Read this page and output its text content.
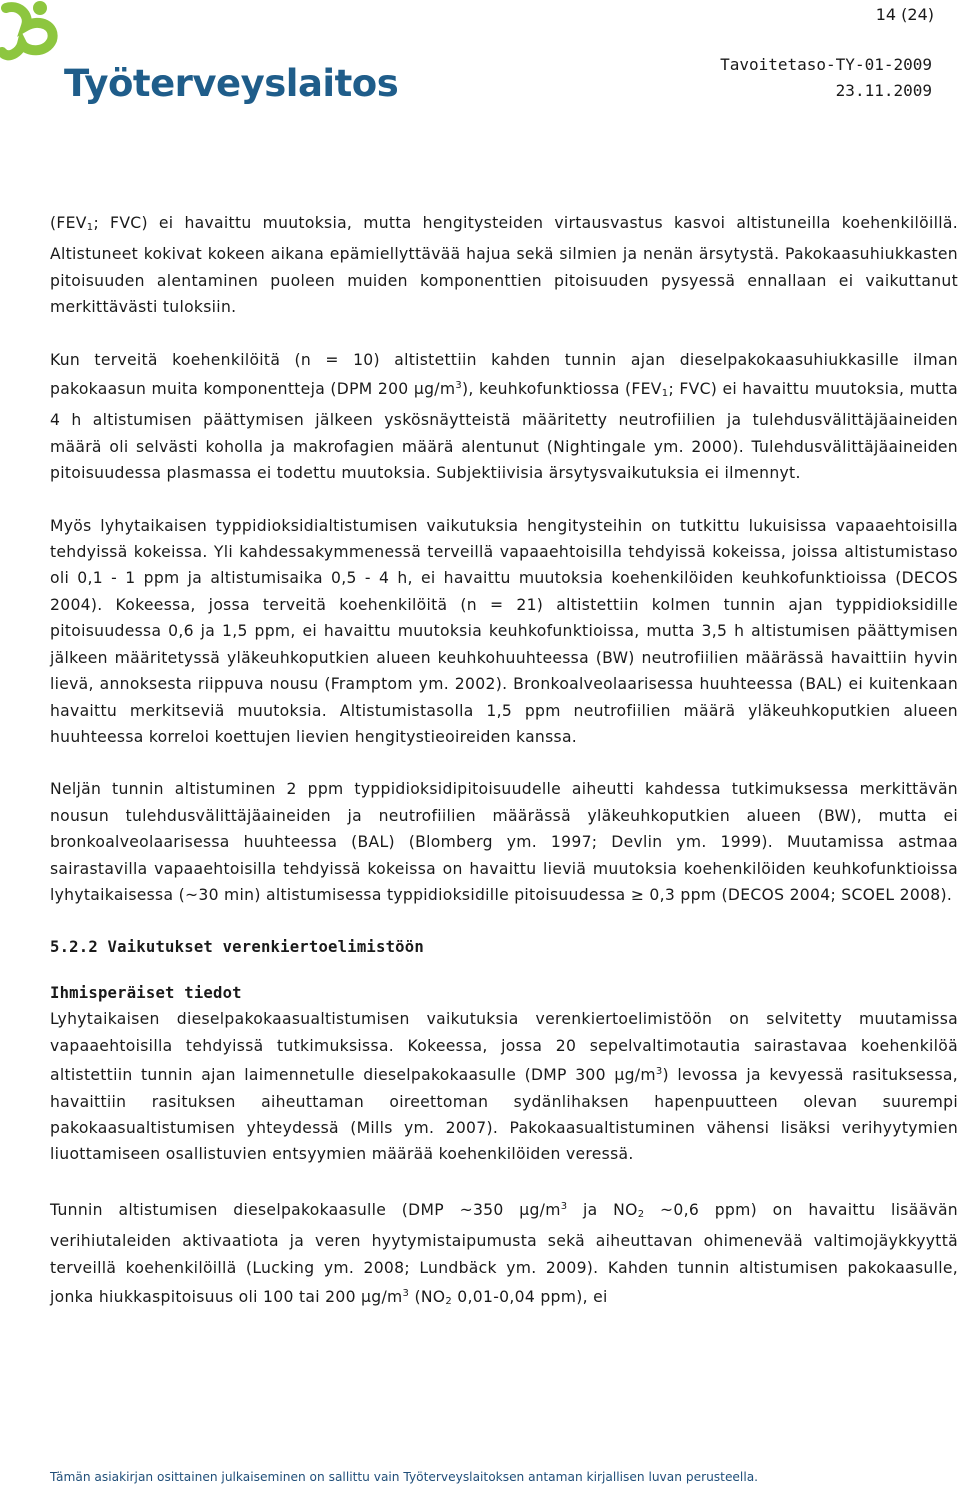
Työterveyslaitos
14 (24)
Tavoitetaso-TY-01-2009
23.11.2009

($FEV_1$; FVC) ei havaittu muutoksia, mutta hengitysteiden virtausvastus kasvoi altistuneilla koehenkilöillä. Altistuneet kokivat kokeen aikana epämiellyttävää hajua sekä silmien ja nenän ärsytystä. Pakokaasuhiukkasten pitoisuuden alentaminen puoleen muiden komponenttien pitoisuuden pysyessä ennallaan ei vaikuttanut merkittävästi tuloksiin.

Kun terveitä koehenkilöitä (n = 10) altistettiin kahden tunnin ajan dieselpakokaasuhiukkasille ilman pakokaasun muita komponentteja (DPM 200 $\mu g/m^3$), keuhkofunktiossa ($FEV_1$; FVC) ei havaittu muutoksia, mutta 4 h altistumisen päättymisen jälkeen yskösnäytteistä määritetty neutrofiilien ja tulehdusvälittäjäaineiden määrä oli selvästi koholla ja makrofagien määrä alentunut (Nightingale ym. 2000). Tulehdusvälittäjäaineiden pitoisuudessa plasmassa ei todettu muutoksia. Subjektiivisia ärsytysvaikutuksia ei ilmennyt.

Myös lyhytaikaisen typpidioksidialtistumisen vaikutuksia hengitysteihin on tutkittu lukuisissa vapaaehtoisilla tehdyissä kokeissa. Yli kahdessakymmenessä terveillä vapaaehtoisilla tehdyissä kokeissa, joissa altistumistaso oli 0,1 - 1 ppm ja altistumisaika 0,5 - 4 h, ei havaittu muutoksia koehenkilöiden keuhkofunktioissa (DECOS 2004). Kokeessa, jossa terveitä koehenkilöitä (n = 21) altistettiin kolmen tunnin ajan typpidioksidille pitoisuudessa 0,6 ja 1,5 ppm, ei havaittu muutoksia keuhkofunktioissa, mutta 3,5 h altistumisen päättymisen jälkeen määritetyssä yläkeuhkoputkien alueen keuhkohuuhteessa (BW) neutrofiilien määrässä havaittiin hyvin lievä, annoksesta riippuva nousu (Framptom ym. 2002). Bronkoalveolaarisessa huuhteessa (BAL) ei kuitenkaan havaittu merkitseviä muutoksia. Altistumistasolla 1,5 ppm neutrofiilien määrä yläkeuhkoputkien alueen huuhteessa korreloi koettujen lievien hengitystieoireiden kanssa.

Neljän tunnin altistuminen 2 ppm typpidioksidipitoisuudelle aiheutti kahdessa tutkimuksessa merkittävän nousun tulehdusvälittäjäaineiden ja neutrofiilien määrässä yläkeuhkoputkien alueen (BW), mutta ei bronkoalveolaarisessa huuhteessa (BAL) (Blomberg ym. 1997; Devlin ym. 1999). Muutamissa astmaa sairastavilla vapaaehtoisilla tehdyissä kokeissa on havaittu lieviä muutoksia koehenkilöiden keuhkofunktioissa lyhytaikaisessa (~30 min) altistumisessa typpidioksidille pitoisuudessa ≥ 0,3 ppm (DECOS 2004; SCOEL 2008).

5.2.2 Vaikutukset verenkiertoelimistöön
Ihmisperäiset tiedot

Lyhytaikaisen dieselpakokaasualtistumisen vaikutuksia verenkiertoelimistöön on selvitetty muutamissa vapaaehtoisilla tehdyissä tutkimuksissa. Kokeessa, jossa 20 sepelvaltimotautia sairastavaa koehenkilöä altistettiin tunnin ajan laimennetulle dieselpakokaasulle (DMP 300 $\mu g/m^3$) levossa ja kevyessä rasituksessa, havaittiin rasituksen aiheuttaman oireettoman sydänlihaksen hapenpuutteen olevan suurempi pakokaasualtistumisen yhteydessä (Mills ym. 2007). Pakokaasualtistuminen vähensi lisäksi verihyytymien liuottamiseen osallistuvien entsyymien määrää koehenkilöiden veressä.

Tunnin altistumisen dieselpakokaasulle (DMP ~350 $\mu g/m^3$ ja $NO_2$ ~0,6 ppm) on havaittu lisäävän verihiutaleiden aktivaatiota ja veren hyytymistaipumusta sekä aiheuttavan ohimenevää valtimojäykkyyttä terveillä koehenkilöillä (Lucking ym. 2008; Lundbäck ym. 2009). Kahden tunnin altistumisen pakokaasulle, jonka hiukkaspitoisuus oli 100 tai 200 $\mu g/m^3$ ($NO_2$ 0,01-0,04 ppm), ei

Tämän asiakirjan osittainen julkaiseminen on sallittu vain Työterveyslaitoksen antaman kirjallisen luvan perusteella.
